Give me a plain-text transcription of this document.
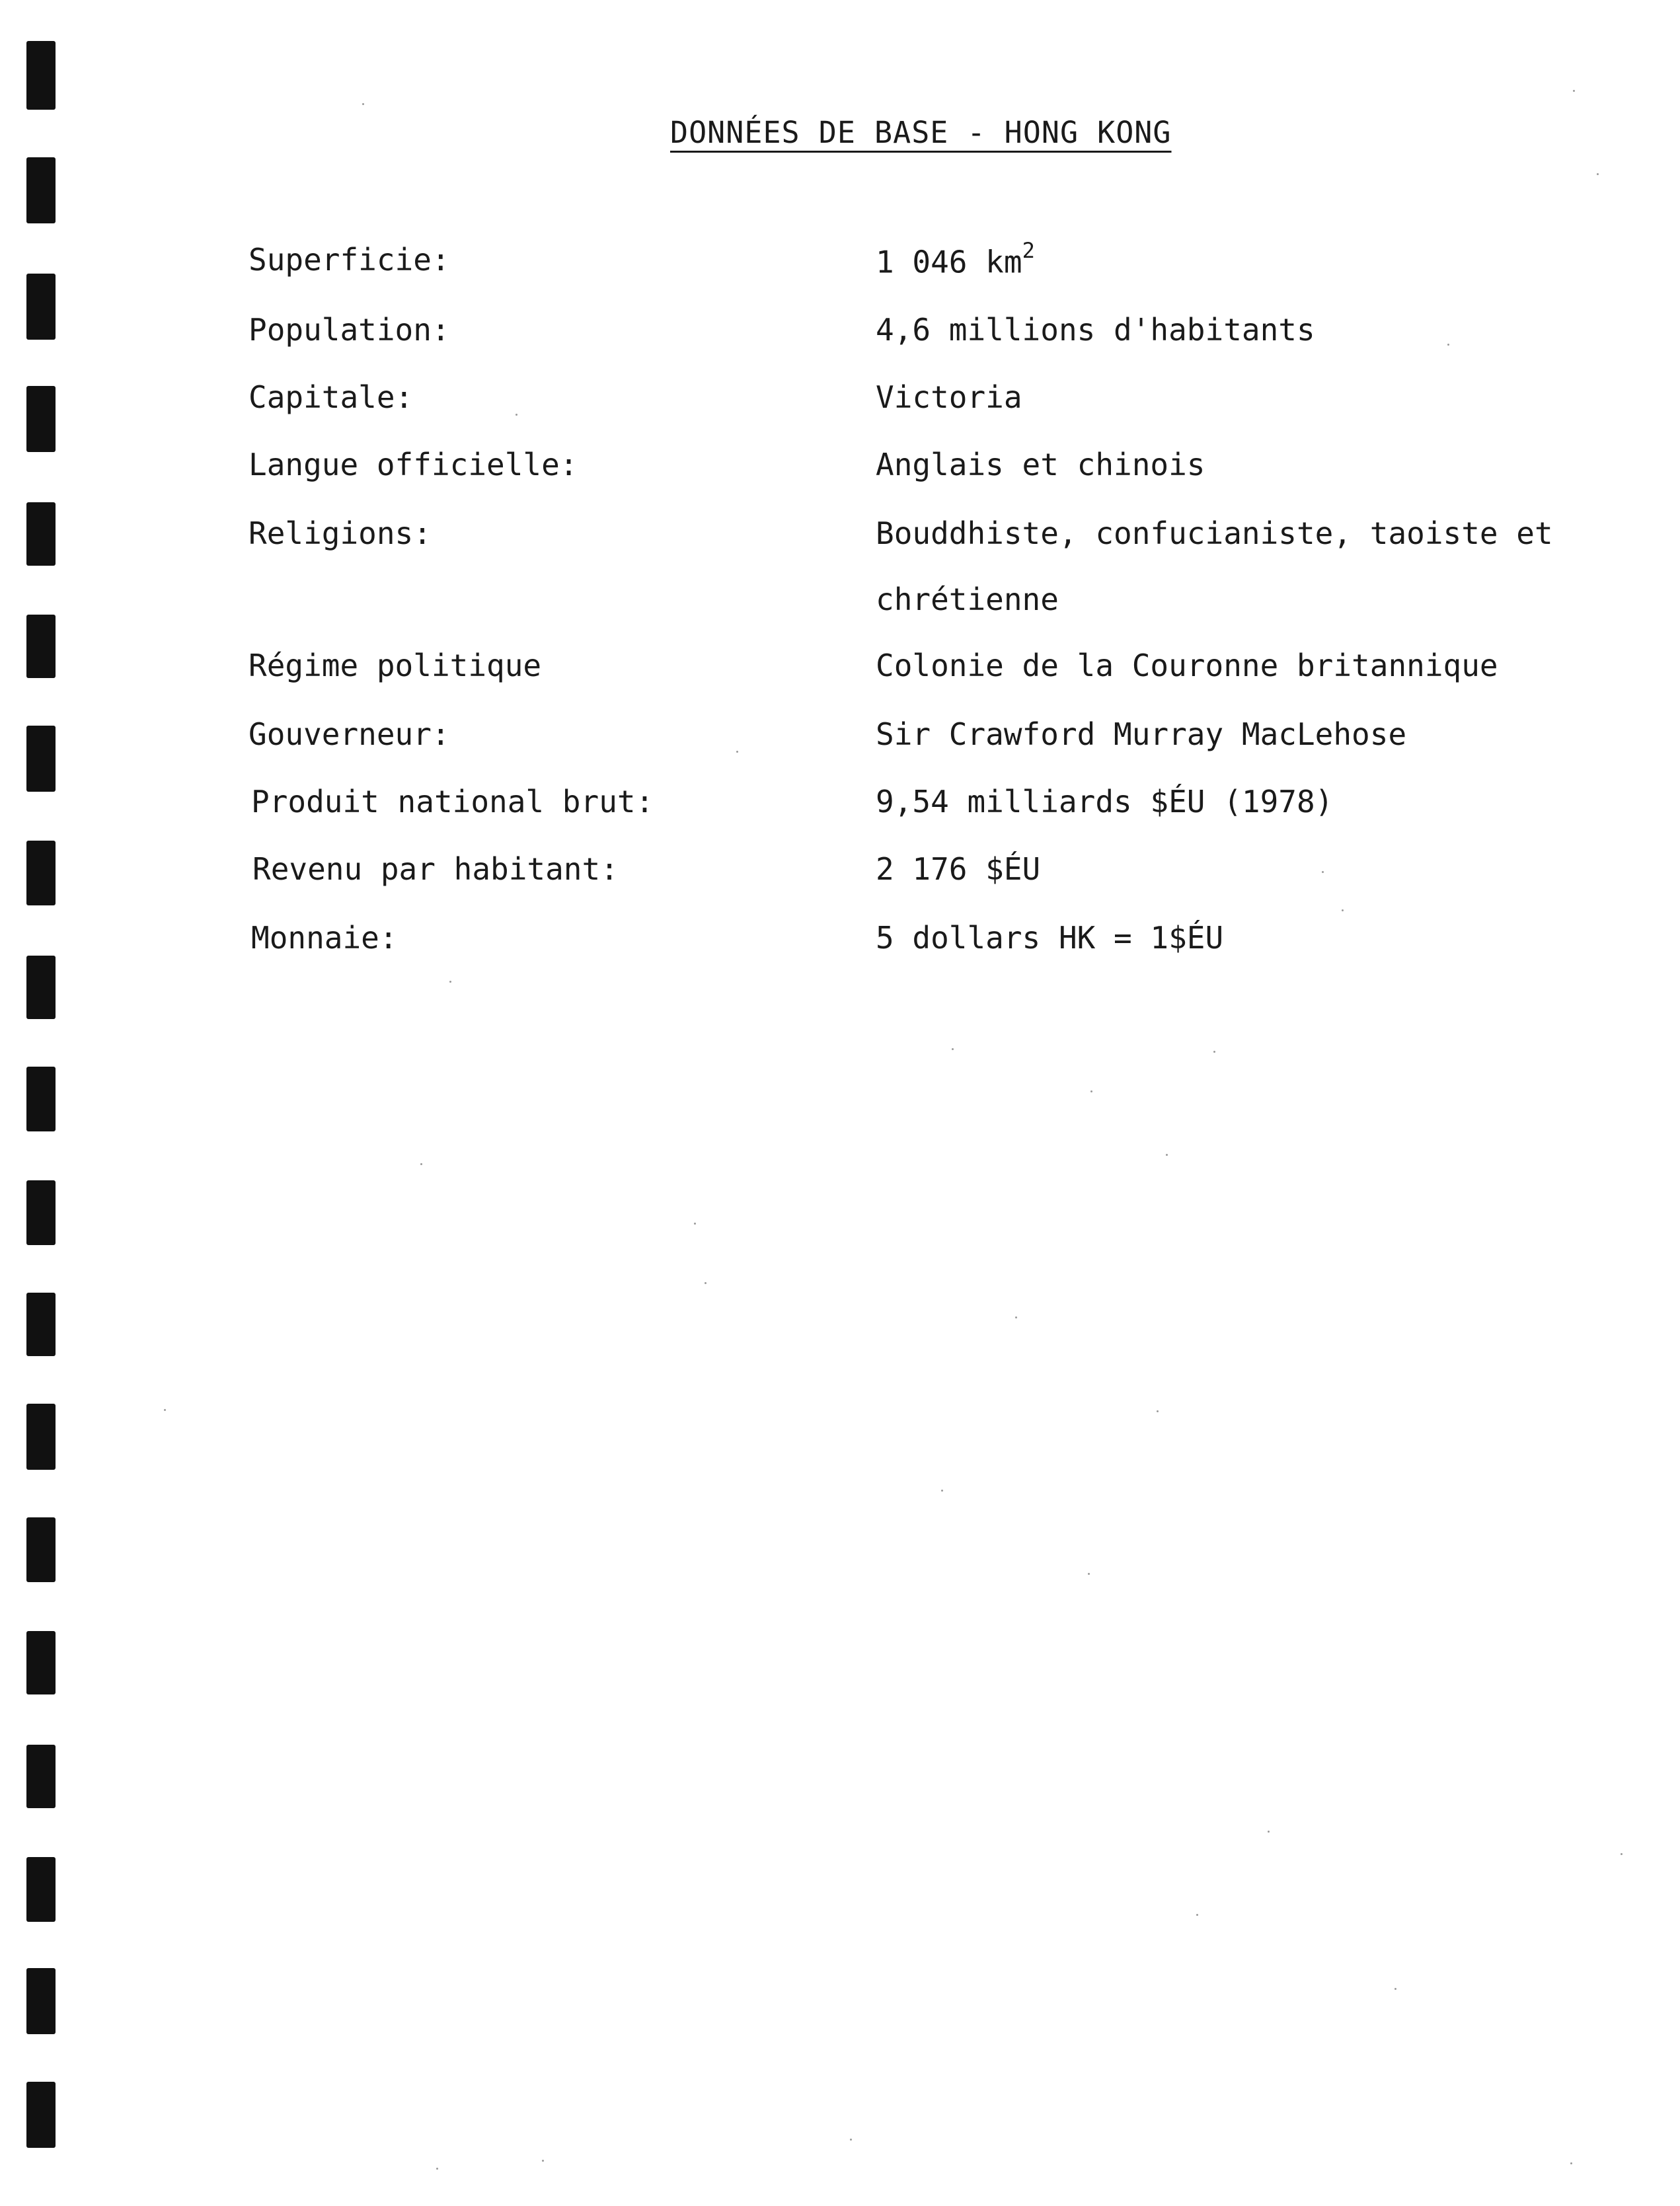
DONNÉES DE BASE - HONG KONG
Superficie:	1 046 $km^2$
Population:	4,6 millions d'habitants
Capitale:	Victoria
Langue officielle:	Anglais et chinois
Religions:	Bouddhiste, confucianiste, taoiste et
chrétienne
Régime politique	Colonie de la Couronne britannique
Gouverneur:	Sir Crawford Murray MacLehose
Produit national brut:	9,54 milliards $ÉU (1978)
Revenu par habitant:	2 176 $ÉU
Monnaie:	5 dollars HK = 1$ÉU
